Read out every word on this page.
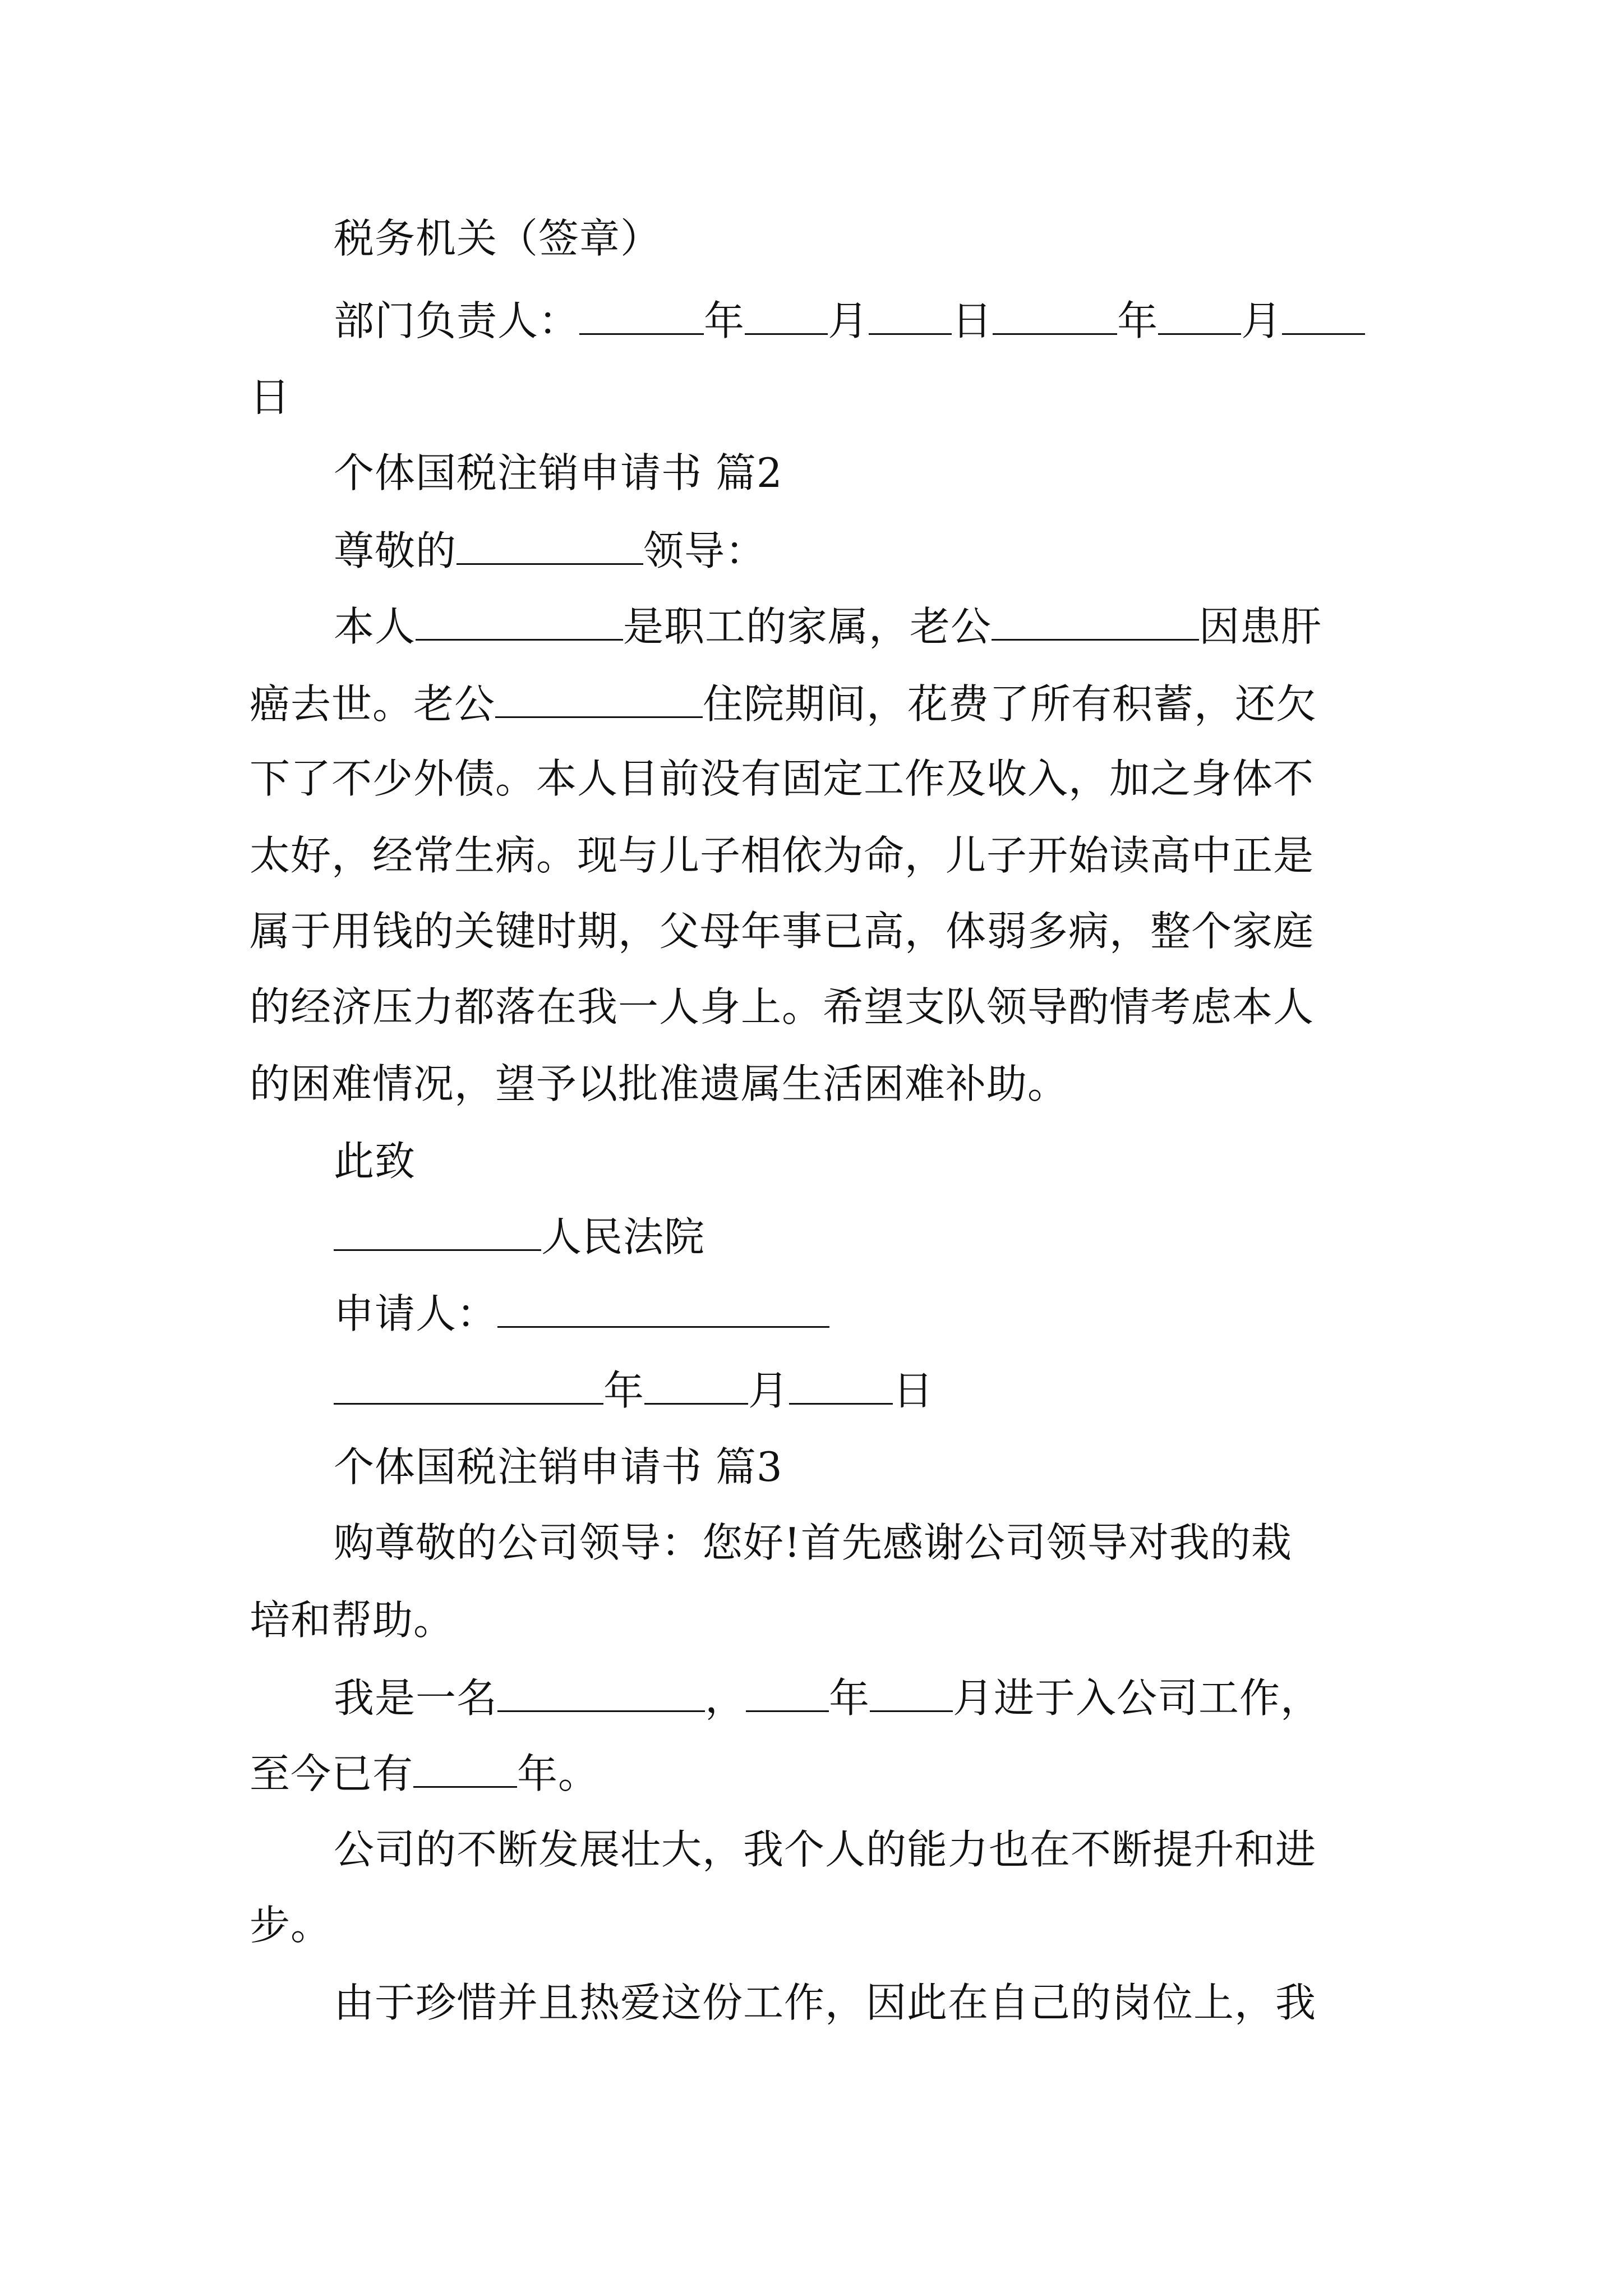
税务机关（签章）
部门负责人：	年 月 日	年 月
日
个体国税注销申请书 篇2
尊敬的	领导：
本人	是职工的家属，老公	因患肝
癌去世。老公	住院期间，花费了所有积蓄，还欠
下了不少外债。本人目前没有固定工作及收入，加之身体不
太好，经常生病。现与儿子相依为命，儿子开始读高中正是
属于用钱的关键时期，父母年事已高，体弱多病，整个家庭
的经济压力都落在我一人身上。希望支队领导酌情考虑本人
的困难情况，望予以批准遗属生活困难补助。
此致
人民法院
申请人：
年	月	日
个体国税注销申请书 篇3
购尊敬的公司领导：您好!首先感谢公司领导对我的栽
培和帮助。
我是一名	， 年 月进于入公司工作，
至今已有	年。
公司的不断发展壮大，我个人的能力也在不断提升和进
步。
由于珍惜并且热爱这份工作，因此在自己的岗位上，我
